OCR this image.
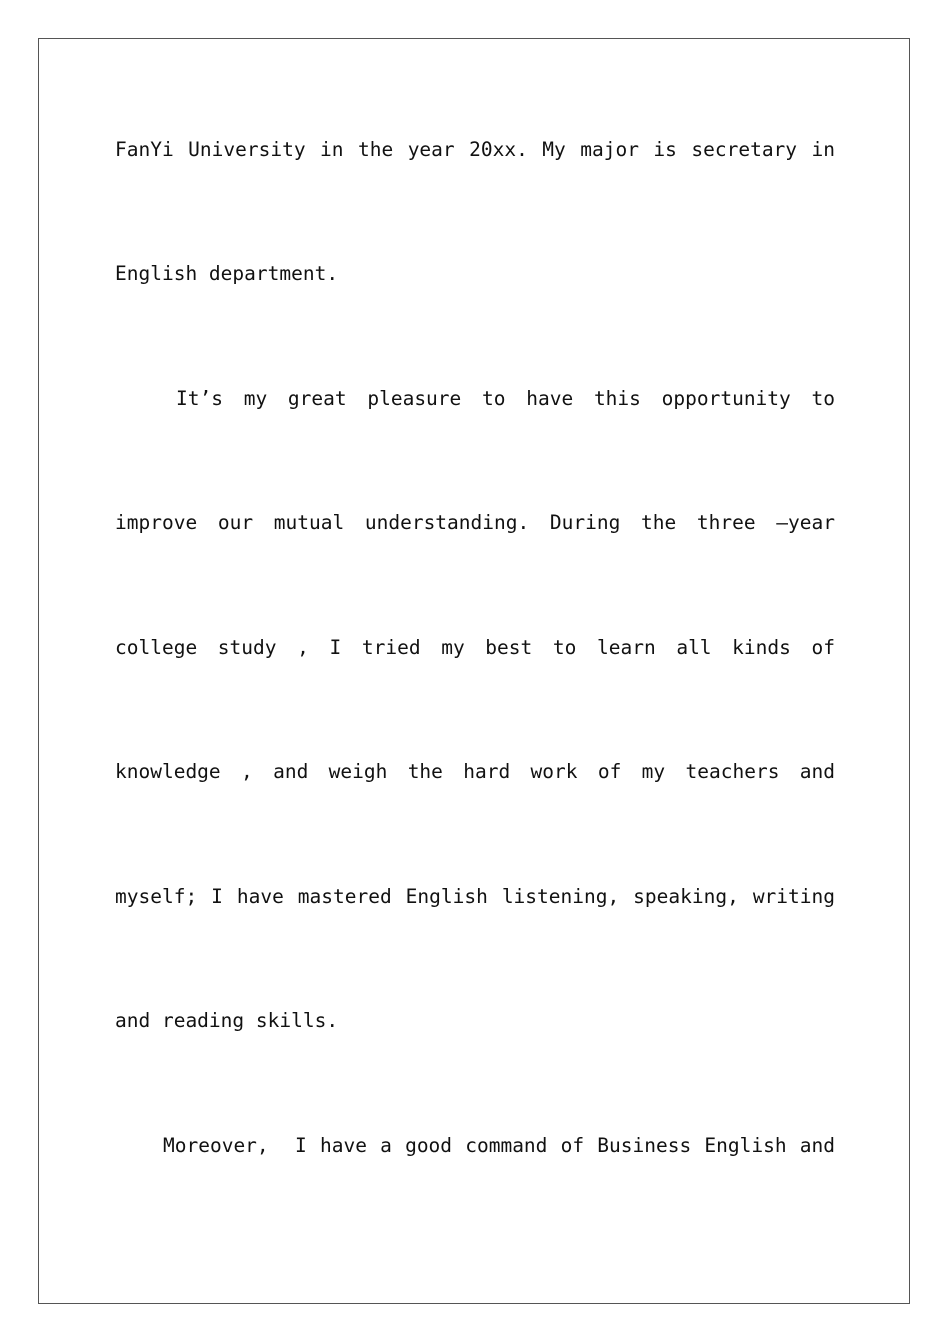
FanYi University in the year 20xx. My major is secretary in
English department.
It’s my great pleasure to have this opportunity to
improve our mutual understanding. During the three –year
college study , I tried my best to learn all kinds of
knowledge , and weigh the hard work of my teachers and
myself; I have mastered English listening, speaking, writing
and reading skills.
Moreover,  I have a good command of Business English and
